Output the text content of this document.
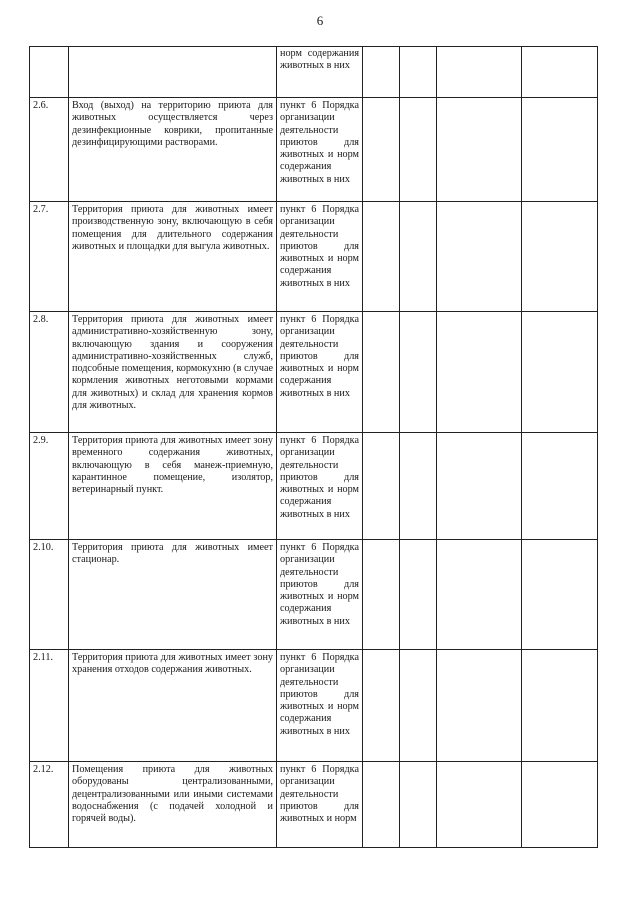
6
		норм содержания животных в них				
2.6.	Вход (выход) на территорию приюта для животных осуществляется через дезинфекционные коврики, пропитанные дезинфицирующими растворами.	пункт 6 Порядка организации деятельности приютов для животных и норм содержания животных в них				
2.7.	Территория приюта для животных имеет производственную зону, включающую в себя помещения для длительного содержания животных и площадки для выгула животных.	пункт 6 Порядка организации деятельности приютов для животных и норм содержания животных в них				
2.8.	Территория приюта для животных имеет административно-хозяйственную зону, включающую здания и сооружения административно-хозяйственных служб, подсобные помещения, кормокухню (в случае кормления животных неготовыми кормами для животных) и склад для хранения кормов для животных.	пункт 6 Порядка организации деятельности приютов для животных и норм содержания животных в них				
2.9.	Территория приюта для животных имеет зону временного содержания животных, включающую в себя манеж-приемную, карантинное помещение, изолятор, ветеринарный пункт.	пункт 6 Порядка организации деятельности приютов для животных и норм содержания животных в них				
2.10.	Территория приюта для животных имеет стационар.	пункт 6 Порядка организации деятельности приютов для животных и норм содержания животных в них				
2.11.	Территория приюта для животных имеет зону хранения отходов содержания животных.	пункт 6 Порядка организации деятельности приютов для животных и норм содержания животных в них				
2.12.	Помещения приюта для животных оборудованы централизованными, децентрализованными или иными системами водоснабжения (с подачей холодной и горячей воды).	пункт 6 Порядка организации деятельности приютов для животных и норм				
